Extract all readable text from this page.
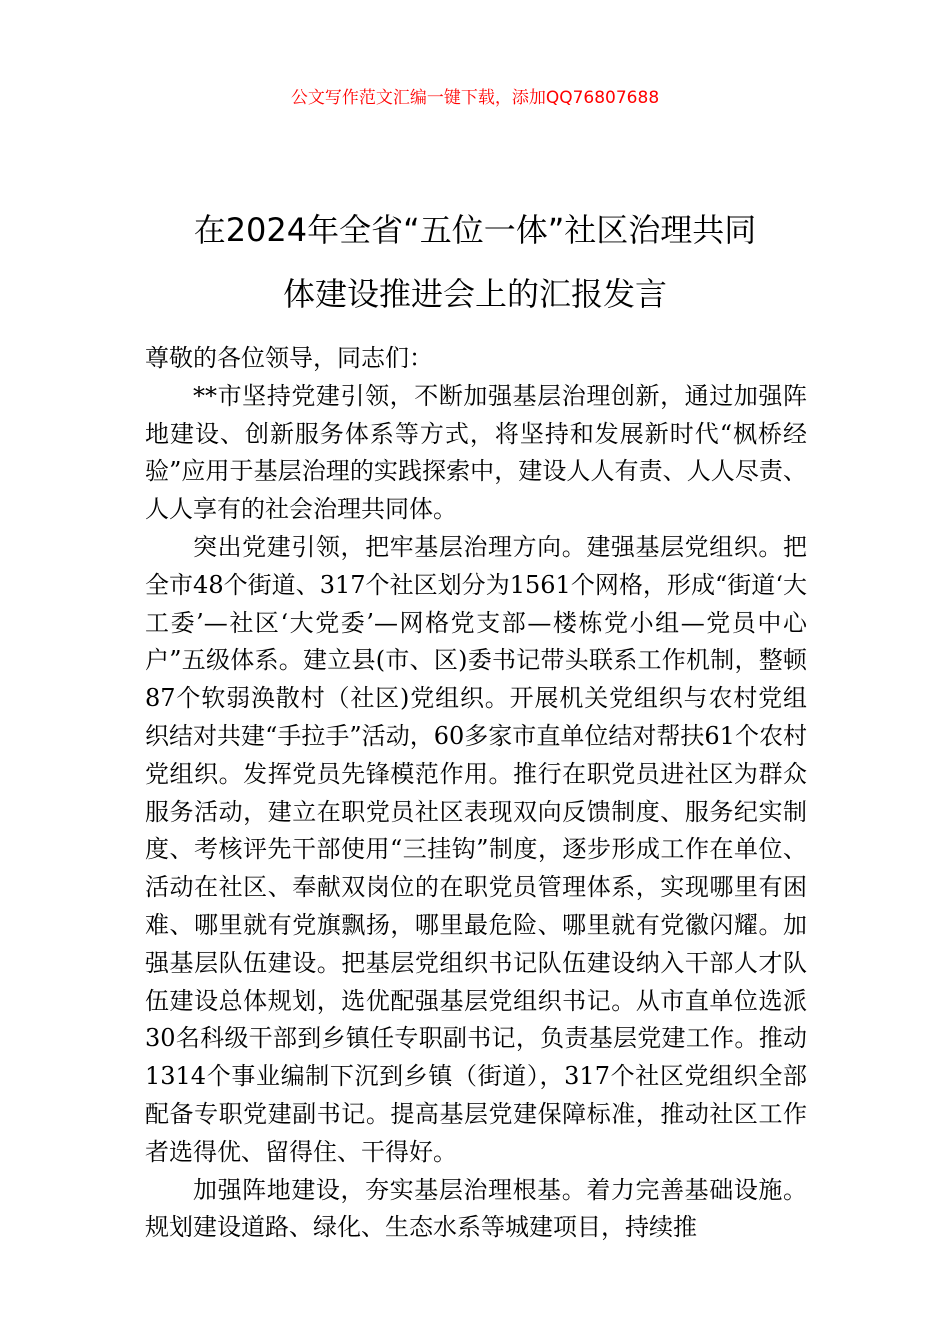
公文写作范文汇编一键下载，添加QQ76807688
在2024年全省“五位一体”社区治理共同
体建设推进会上的汇报发言

尊敬的各位领导，同志们：

**市坚持党建引领，不断加强基层治理创新，通过加强阵地建设、创新服务体系等方式，将坚持和发展新时代“枫桥经验”应用于基层治理的实践探索中，建设人人有责、人人尽责、人人享有的社会治理共同体。

突出党建引领，把牢基层治理方向。建强基层党组织。把全市48个街道、317个社区划分为1561个网格，形成“街道‘大工委’—社区‘大党委’—网格党支部—楼栋党小组—党员中心户”五级体系。建立县(市、区)委书记带头联系工作机制，整顿87个软弱涣散村（社区)党组织。开展机关党组织与农村党组织结对共建“手拉手”活动，60多家市直单位结对帮扶61个农村党组织。发挥党员先锋模范作用。推行在职党员进社区为群众服务活动，建立在职党员社区表现双向反馈制度、服务纪实制度、考核评先干部使用“三挂钩”制度，逐步形成工作在单位、活动在社区、奉献双岗位的在职党员管理体系，实现哪里有困难、哪里就有党旗飘扬，哪里最危险、哪里就有党徽闪耀。加强基层队伍建设。把基层党组织书记队伍建设纳入干部人才队伍建设总体规划，选优配强基层党组织书记。从市直单位选派30名科级干部到乡镇任专职副书记，负责基层党建工作。推动1314个事业编制下沉到乡镇（街道），317个社区党组织全部配备专职党建副书记。提高基层党建保障标准，推动社区工作者选得优、留得住、干得好。

加强阵地建设，夯实基层治理根基。着力完善基础设施。规划建设道路、绿化、生态水系等城建项目，持续推
